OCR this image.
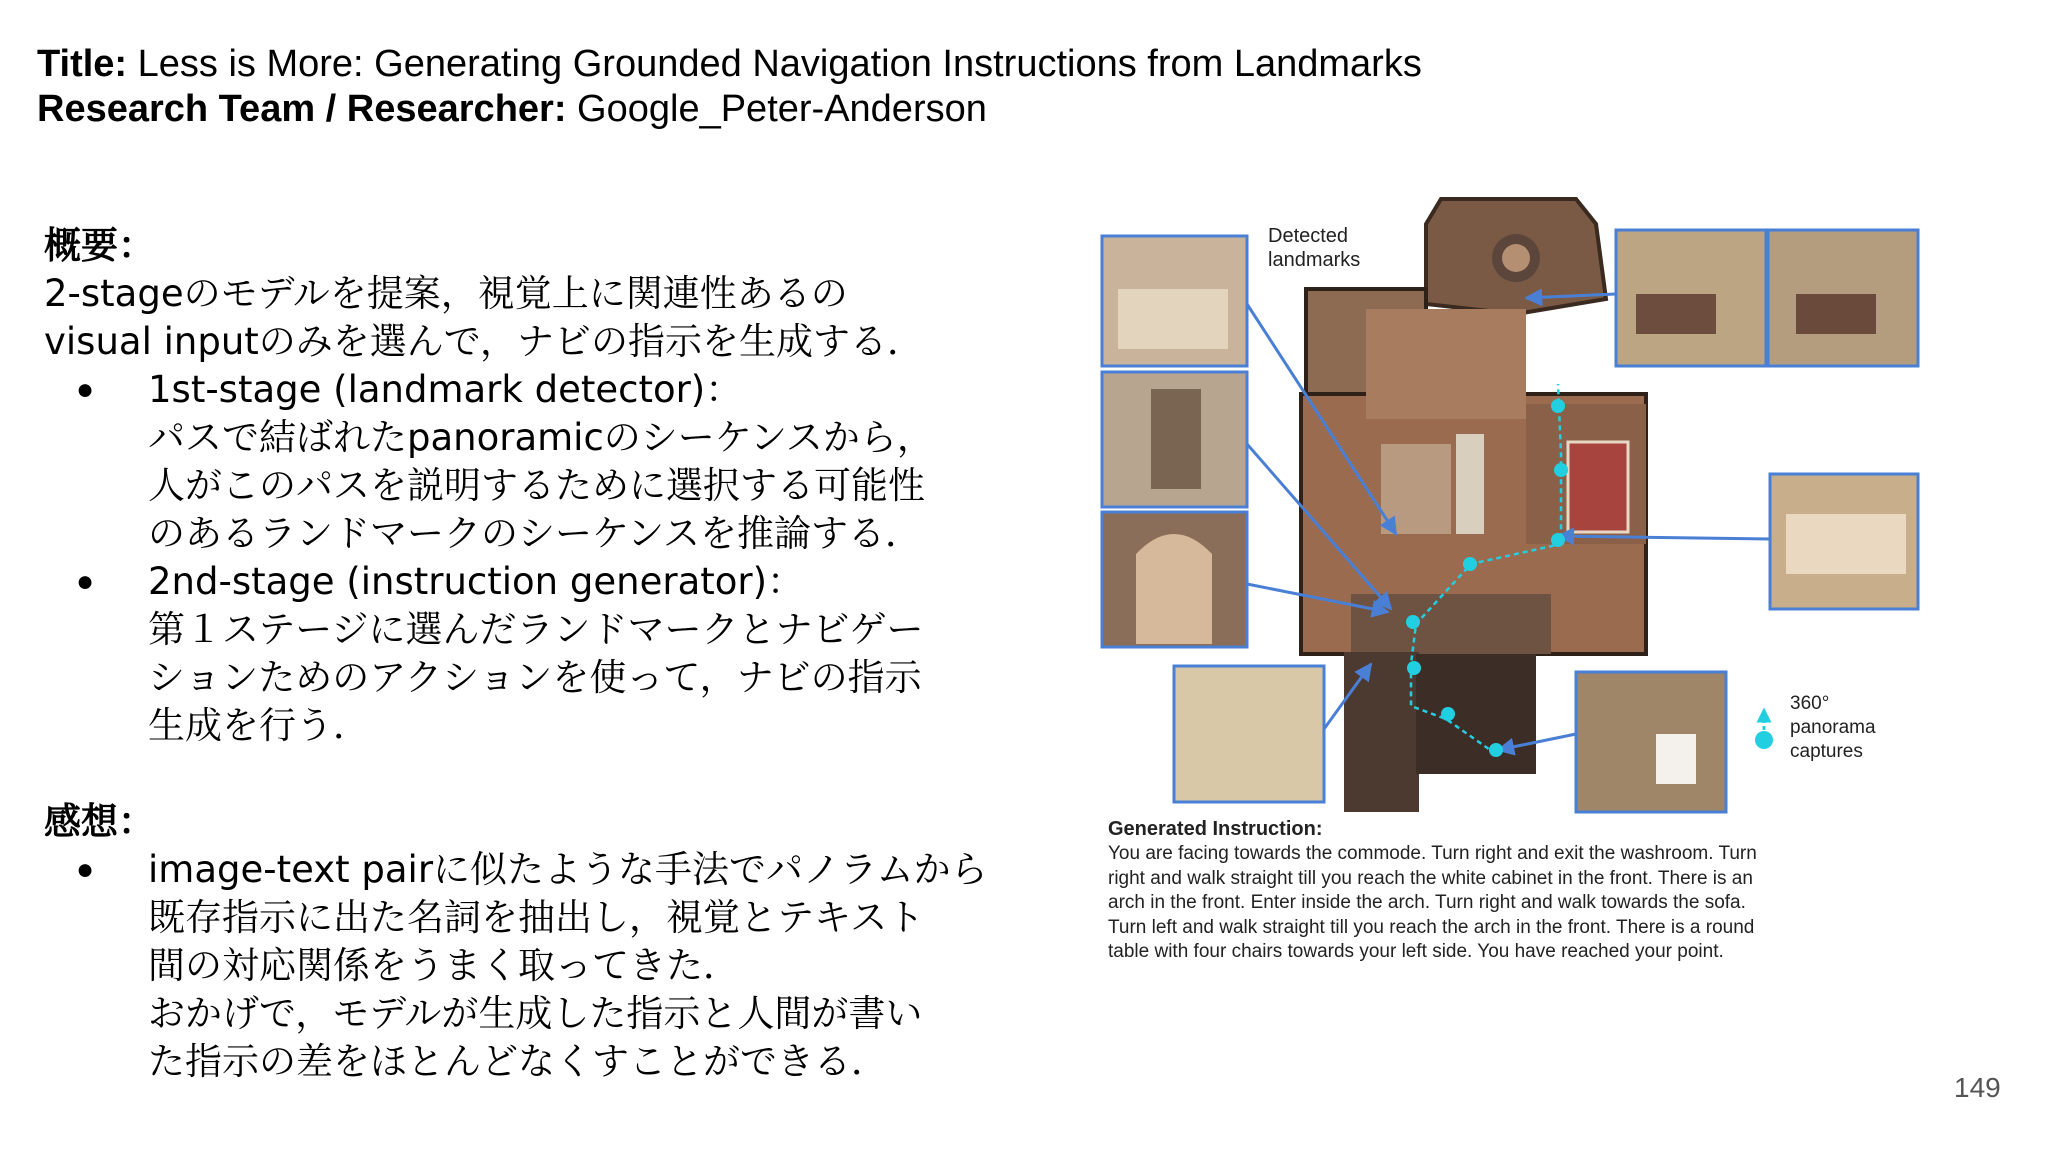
Title: Less is More: Generating Grounded Navigation Instructions from Landmarks
Research Team / Researcher: Google_Peter-Anderson
概要：
2-stageのモデルを提案，視覚上に関連性あるの
visual inputのみを選んで，ナビの指示を生成する．
● 1st-stage (landmark detector)：
パスで結ばれたpanoramicのシーケンスから，
人がこのパスを説明するために選択する可能性
のあるランドマークのシーケンスを推論する．
● 2nd-stage (instruction generator)：
第１ステージに選んだランドマークとナビゲー
ションためのアクションを使って，ナビの指示
生成を行う．
感想：
● image-text pairに似たような手法でパノラムから
既存指示に出た名詞を抽出し，視覚とテキスト
間の対応関係をうまく取ってきた．
おかげで，モデルが生成した指示と人間が書い
た指示の差をほとんどなくすことができる．
Detected
landmarks
360°
panorama
captures
Generated Instruction:
You are facing towards the commode. Turn right and exit the washroom. Turn
right and walk straight till you reach the white cabinet in the front. There is an
arch in the front. Enter inside the arch. Turn right and walk towards the sofa.
Turn left and walk straight till you reach the arch in the front. There is a round
table with four chairs towards your left side. You have reached your point.
149
